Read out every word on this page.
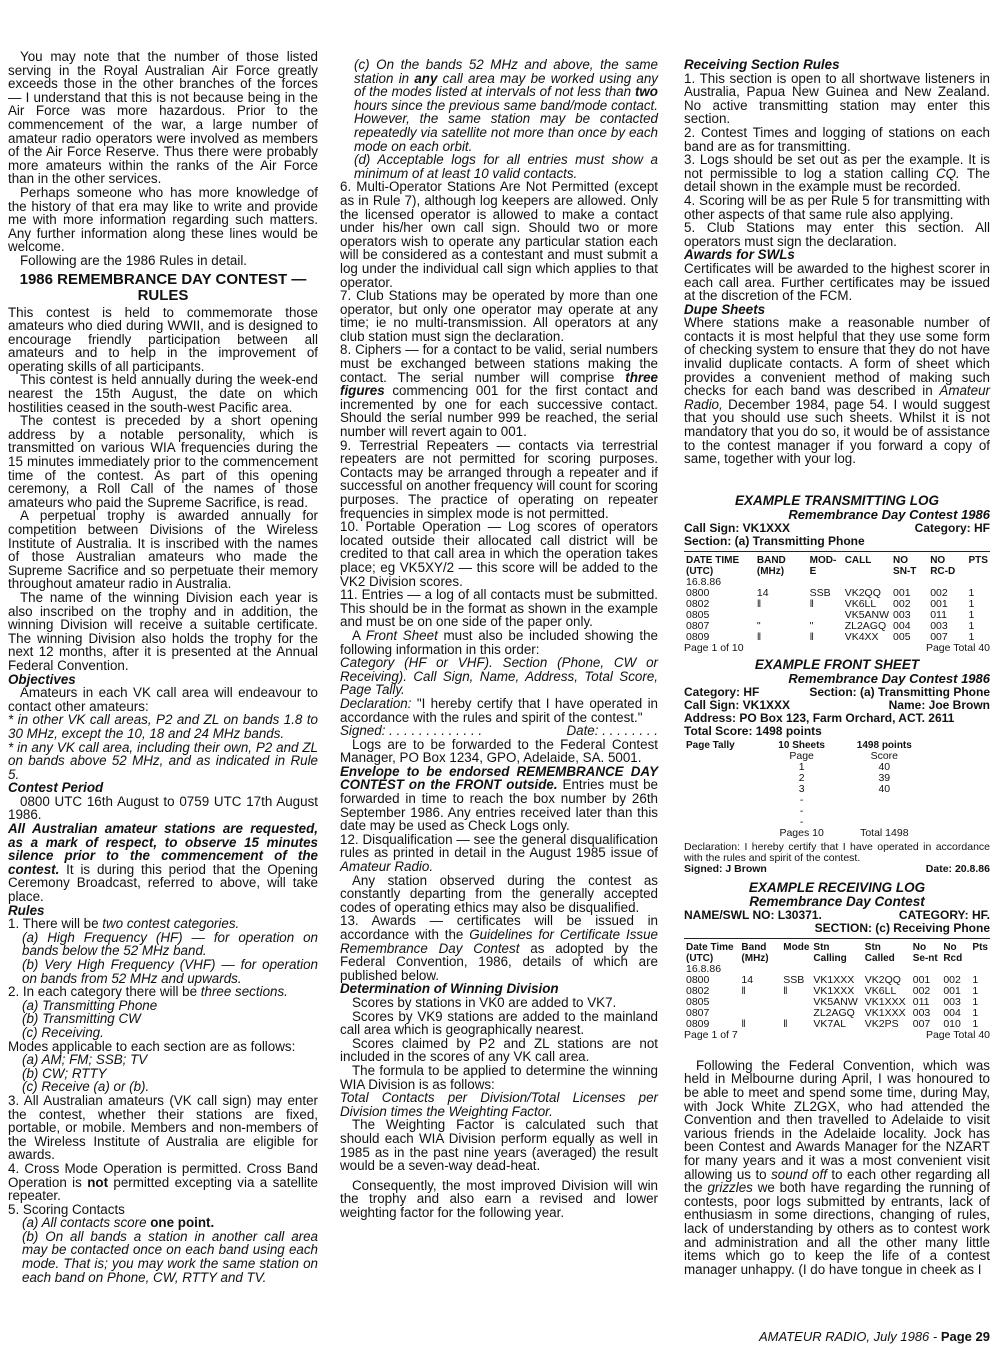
You may note that the number of those listed serving in the Royal Australian Air Force greatly exceeds those in the other branches of the forces — I understand that this is not because being in the Air Force was more hazardous. Prior to the commencement of the war, a large number of amateur radio operators were involved as members of the Air Force Reserve. Thus there were probably more amateurs within the ranks of the Air Force than in the other services.

Perhaps someone who has more knowledge of the history of that era may like to write and provide me with more information regarding such matters. Any further information along these lines would be welcome.

Following are the 1986 Rules in detail.

1986 REMEMBRANCE DAY CONTEST — RULES

This contest is held to commemorate those amateurs who died during WWII, and is designed to encourage friendly participation between all amateurs and to help in the improvement of operating skills of all participants.

This contest is held annually during the week-end nearest the 15th August, the date on which hostilities ceased in the south-west Pacific area.

The contest is preceded by a short opening address by a notable personality, which is transmitted on various WIA frequencies during the 15 minutes immediately prior to the commencement time of the contest. As part of this opening ceremony, a Roll Call of the names of those amateurs who paid the Supreme Sacrifice, is read.

A perpetual trophy is awarded annually for competition between Divisions of the Wireless Institute of Australia. It is inscribed with the names of those Australian amateurs who made the Supreme Sacrifice and so perpetuate their memory throughout amateur radio in Australia.

The name of the winning Division each year is also inscribed on the trophy and in addition, the winning Division will receive a suitable certificate. The winning Division also holds the trophy for the next 12 months, after it is presented at the Annual Federal Convention.

Objectives

Amateurs in each VK call area will endeavour to contact other amateurs:

* in other VK call areas, P2 and ZL on bands 1.8 to 30 MHz, except the 10, 18 and 24 MHz bands.

* in any VK call area, including their own, P2 and ZL on bands above 52 MHz, and as indicated in Rule 5.

Contest Period

0800 UTC 16th August to 0759 UTC 17th August 1986.

All Australian amateur stations are requested, as a mark of respect, to observe 15 minutes silence prior to the commencement of the contest. It is during this period that the Opening Ceremony Broadcast, referred to above, will take place.

Rules

1. There will be two contest categories.

(a) High Frequency (HF) — for operation on bands below the 52 MHz band.

(b) Very High Frequency (VHF) — for operation on bands from 52 MHz and upwards.

2. In each category there will be three sections.

(a) Transmitting Phone

(b) Transmitting CW

(c) Receiving.

Modes applicable to each section are as follows:

(a) AM; FM; SSB; TV

(b) CW; RTTY

(c) Receive (a) or (b).

3. All Australian amateurs (VK call sign) may enter the contest, whether their stations are fixed, portable, or mobile. Members and non-members of the Wireless Institute of Australia are eligible for awards.

4. Cross Mode Operation is permitted. Cross Band Operation is not permitted excepting via a satellite repeater.

5. Scoring Contacts

(a) All contacts score one point.

(b) On all bands a station in another call area may be contacted once on each band using each mode. That is; you may work the same station on each band on Phone, CW, RTTY and TV.

(c) On the bands 52 MHz and above, the same station in any call area may be worked using any of the modes listed at intervals of not less than two hours since the previous same band/mode contact. However, the same station may be contacted repeatedly via satellite not more than once by each mode on each orbit.

(d) Acceptable logs for all entries must show a minimum of at least 10 valid contacts.

6. Multi-Operator Stations Are Not Permitted (except as in Rule 7), although log keepers are allowed. Only the licensed operator is allowed to make a contact under his/her own call sign. Should two or more operators wish to operate any particular station each will be considered as a contestant and must submit a log under the individual call sign which applies to that operator.

7. Club Stations may be operated by more than one operator, but only one operator may operate at any time; ie no multi-transmission. All operators at any club station must sign the declaration.

8. Ciphers — for a contact to be valid, serial numbers must be exchanged between stations making the contact. The serial number will comprise three figures commencing 001 for the first contact and incremented by one for each successive contact. Should the serial number 999 be reached, the serial number will revert again to 001.

9. Terrestrial Repeaters — contacts via terrestrial repeaters are not permitted for scoring purposes. Contacts may be arranged through a repeater and if successful on another frequency will count for scoring purposes. The practice of operating on repeater frequencies in simplex mode is not permitted.

10. Portable Operation — Log scores of operators located outside their allocated call district will be credited to that call area in which the operation takes place; eg VK5XY/2 — this score will be added to the VK2 Division scores.

11. Entries — a log of all contacts must be submitted. This should be in the format as shown in the example and must be on one side of the paper only.

A Front Sheet must also be included showing the following information in this order:

Category (HF or VHF). Section (Phone, CW or Receiving). Call Sign, Name, Address, Total Score, Page Tally.

Declaration: "I hereby certify that I have operated in accordance with the rules and spirit of the contest."

Signed: . . . . . . . . . . . . .	Date: . . . . . . . .

Logs are to be forwarded to the Federal Contest Manager, PO Box 1234, GPO, Adelaide, SA. 5001.

Envelope to be endorsed REMEMBRANCE DAY CONTEST on the FRONT outside. Entries must be forwarded in time to reach the box number by 26th September 1986. Any entries received later than this date may be used as Check Logs only.

12. Disqualification — see the general disqualification rules as printed in detail in the August 1985 issue of Amateur Radio.

Any station observed during the contest as constantly departing from the generally accepted codes of operating ethics may also be disqualified.

13. Awards — certificates will be issued in accordance with the Guidelines for Certificate Issue Remembrance Day Contest as adopted by the Federal Convention, 1986, details of which are published below.

Determination of Winning Division

Scores by stations in VK0 are added to VK7.

Scores by VK9 stations are added to the mainland call area which is geographically nearest.

Scores claimed by P2 and ZL stations are not included in the scores of any VK call area.

The formula to be applied to determine the winning WIA Division is as follows:

Total Contacts per Division/Total Licenses per Division times the Weighting Factor.

The Weighting Factor is calculated such that should each WIA Division perform equally as well in 1985 as in the past nine years (averaged) the result would be a seven-way dead-heat.

Consequently, the most improved Division will win the trophy and also earn a revised and lower weighting factor for the following year.

Receiving Section Rules

1. This section is open to all shortwave listeners in Australia, Papua New Guinea and New Zealand. No active transmitting station may enter this section.

2. Contest Times and logging of stations on each band are as for transmitting.

3. Logs should be set out as per the example. It is not permissible to log a station calling CQ. The detail shown in the example must be recorded.

4. Scoring will be as per Rule 5 for transmitting with other aspects of that same rule also applying.

5. Club Stations may enter this section. All operators must sign the declaration.

Awards for SWLs

Certificates will be awarded to the highest scorer in each call area. Further certificates may be issued at the discretion of the FCM.

Dupe Sheets

Where stations make a reasonable number of contacts it is most helpful that they use some form of checking system to ensure that they do not have invalid duplicate contacts. A form of sheet which provides a convenient method of making such checks for each band was described in Amateur Radio, December 1984, page 54. I would suggest that you should use such sheets. Whilst it is not mandatory that you do so, it would be of assistance to the contest manager if you forward a copy of same, together with your log.

EXAMPLE TRANSMITTING LOG
Remembrance Day Contest 1986
Call Sign: VK1XXX	Category: HF
Section: (a) Transmitting Phone
DATE TIME (UTC)	BAND (MHz)	MOD-E	CALL	NO SN-T	NO RC-D	PTS
16.8.86						
0800	14	SSB	VK2QQ	001	002	1
0802	‖	‖	VK6LL	002	001	1
0805			VK5ANW	003	011	1
0807	"	"	ZL2AGQ	004	003	1
0809	‖	‖	VK4XX	005	007	1
Page 1 of 10	Page Total 40
EXAMPLE FRONT SHEET
Remembrance Day Contest 1986
Category: HF	Section: (a) Transmitting Phone
Call Sign: VK1XXX	Name: Joe Brown
Address: PO Box 123, Farm Orchard, ACT. 2611
Total Score: 1498 points
Page Tally	10 Sheets	1498 points
	Page	Score
	1	40
	2	39
	3	40
	-	
	-	
	-	
	Pages 10	Total 1498

Declaration: I hereby certify that I have operated in accordance with the rules and spirit of the contest.

Signed: J Brown	Date: 20.8.86
EXAMPLE RECEIVING LOG
Remembrance Day Contest
NAME/SWL NO: L30371.	CATEGORY: HF.
SECTION: (c) Receiving Phone
Date Time (UTC)	Band (MHz)	Mode	Stn Calling	Stn Called	No Se-nt	No Rcd	Pts
16.8.86							
0800	14	SSB	VK1XXX	VK2QQ	001	002	1
0802	‖	‖	VK1XXX	VK6LL	002	001	1
0805			VK5ANW	VK1XXX	011	003	1
0807			ZL2AGQ	VK1XXX	003	004	1
0809	‖	‖	VK7AL	VK2PS	007	010	1
Page 1 of 7	Page Total 40

Following the Federal Convention, which was held in Melbourne during April, I was honoured to be able to meet and spend some time, during May, with Jock White ZL2GX, who had attended the Convention and then travelled to Adelaide to visit various friends in the Adelaide locality. Jock has been Contest and Awards Manager for the NZART for many years and it was a most convenient visit allowing us to sound off to each other regarding all the grizzles we both have regarding the running of contests, poor logs submitted by entrants, lack of enthusiasm in some directions, changing of rules, lack of understanding by others as to contest work and administration and all the other many little items which go to keep the life of a contest manager unhappy. (I do have tongue in cheek as I

AMATEUR RADIO, July 1986 - Page 29
